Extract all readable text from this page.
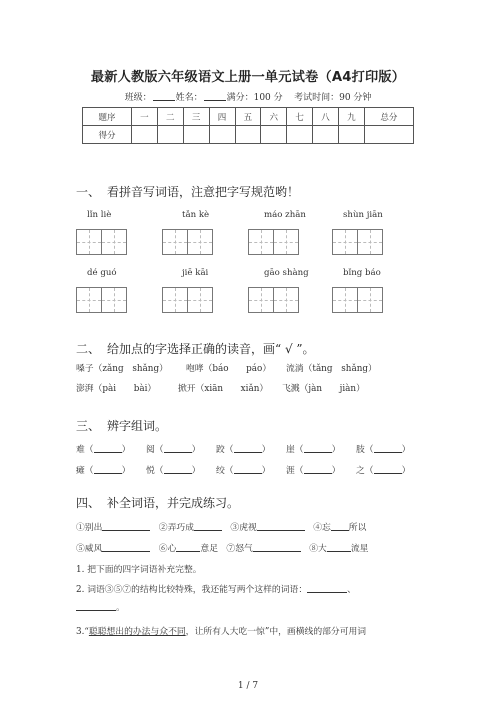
最新人教版六年级语文上册一单元试卷（A4打印版）
班级：	姓名：	满分：100 分 考试时间：90 分钟
题序	一	二	三	四	五	六	七	八	九	总分
得分										
一、 看拼音写词语，注意把字写规范哟！
lǐn liè	tǎn kè	máo zhān	shùn jiān
dé guó	jiē kāi	gāo shàng	bǐng báo
二、 给加点的字选择正确的读音，画“ √ ”。
嗓子（zǎng　shǎng） 咆哮（báo　　páo） 流淌（tǎng　shǎng）
澎湃（pài　　bài） 掀开（xiān　　xiǎn） 飞溅（jàn　　jiàn）
三、 辨字组词。
难（	） 阅（	） 跤（	） 崖（	） 肢（	）
瘫（	） 悦（	） 绞（	） 涯（	） 之（	）
四、 补全词语，并完成练习。
①别出	②弄巧成	③虎视	④忘 所以
⑤威风	⑥心	意足 ⑦怒气	⑧大	流星
1. 把下面的四字词语补充完整。
2. 词语③⑤⑦的结构比较特殊，我还能写两个这样的词语：	、
。
3.“聪聪想出的办法与众不同，让所有人大吃一惊”中，画横线的部分可用词
1 / 7
